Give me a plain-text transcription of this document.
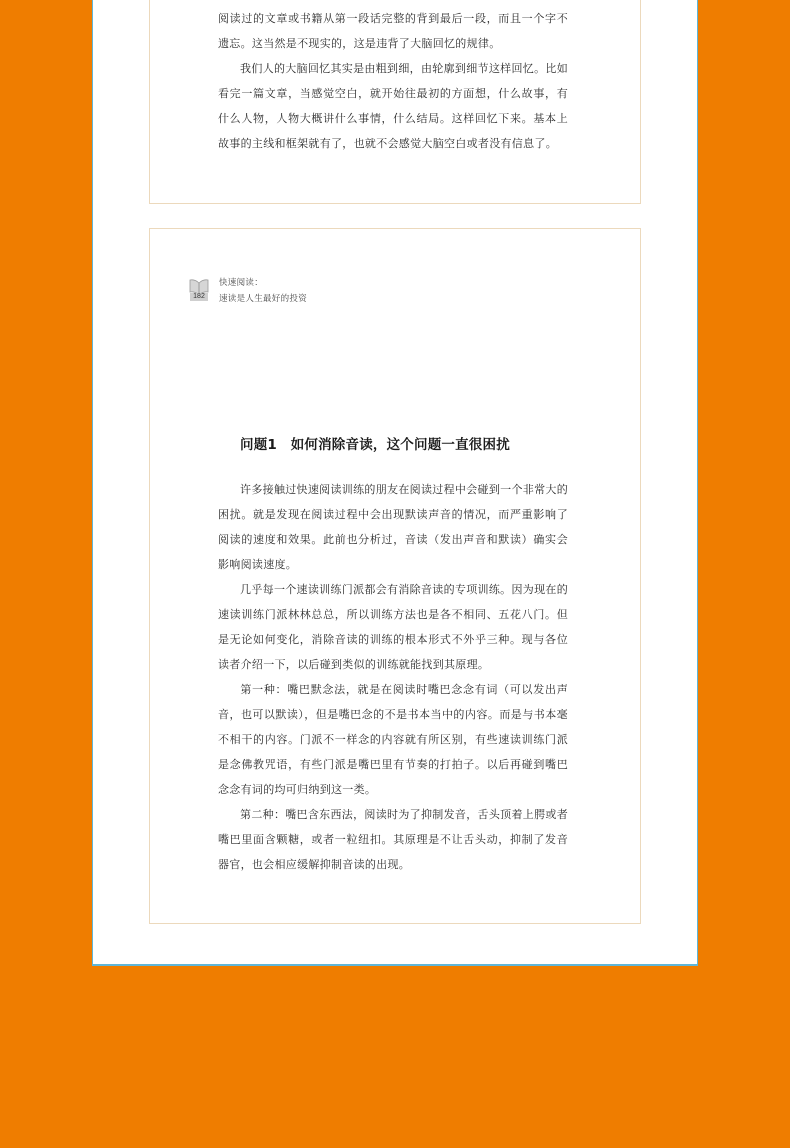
阅读过的文章或书籍从第一段话完整的背到最后一段，而且一个字不遗忘。这当然是不现实的，这是违背了大脑回忆的规律。

我们人的大脑回忆其实是由粗到细，由轮廓到细节这样回忆。比如看完一篇文章，当感觉空白，就开始往最初的方面想，什么故事，有什么人物，人物大概讲什么事情，什么结局。这样回忆下来。基本上故事的主线和框架就有了，也就不会感觉大脑空白或者没有信息了。

182
快速阅读：
速读是人生最好的投资
问题1　如何消除音读，这个问题一直很困扰

许多接触过快速阅读训练的朋友在阅读过程中会碰到一个非常大的困扰。就是发现在阅读过程中会出现默读声音的情况，而严重影响了阅读的速度和效果。此前也分析过，音读（发出声音和默读）确实会影响阅读速度。

几乎每一个速读训练门派都会有消除音读的专项训练。因为现在的速读训练门派林林总总，所以训练方法也是各不相同、五花八门。但是无论如何变化，消除音读的训练的根本形式不外乎三种。现与各位读者介绍一下，以后碰到类似的训练就能找到其原理。

第一种：嘴巴默念法，就是在阅读时嘴巴念念有词（可以发出声音，也可以默读），但是嘴巴念的不是书本当中的内容。而是与书本毫不相干的内容。门派不一样念的内容就有所区别，有些速读训练门派是念佛教咒语，有些门派是嘴巴里有节奏的打拍子。以后再碰到嘴巴念念有词的均可归纳到这一类。

第二种：嘴巴含东西法，阅读时为了抑制发音，舌头顶着上腭或者嘴巴里面含颗糖，或者一粒纽扣。其原理是不让舌头动，抑制了发音器官，也会相应缓解抑制音读的出现。
